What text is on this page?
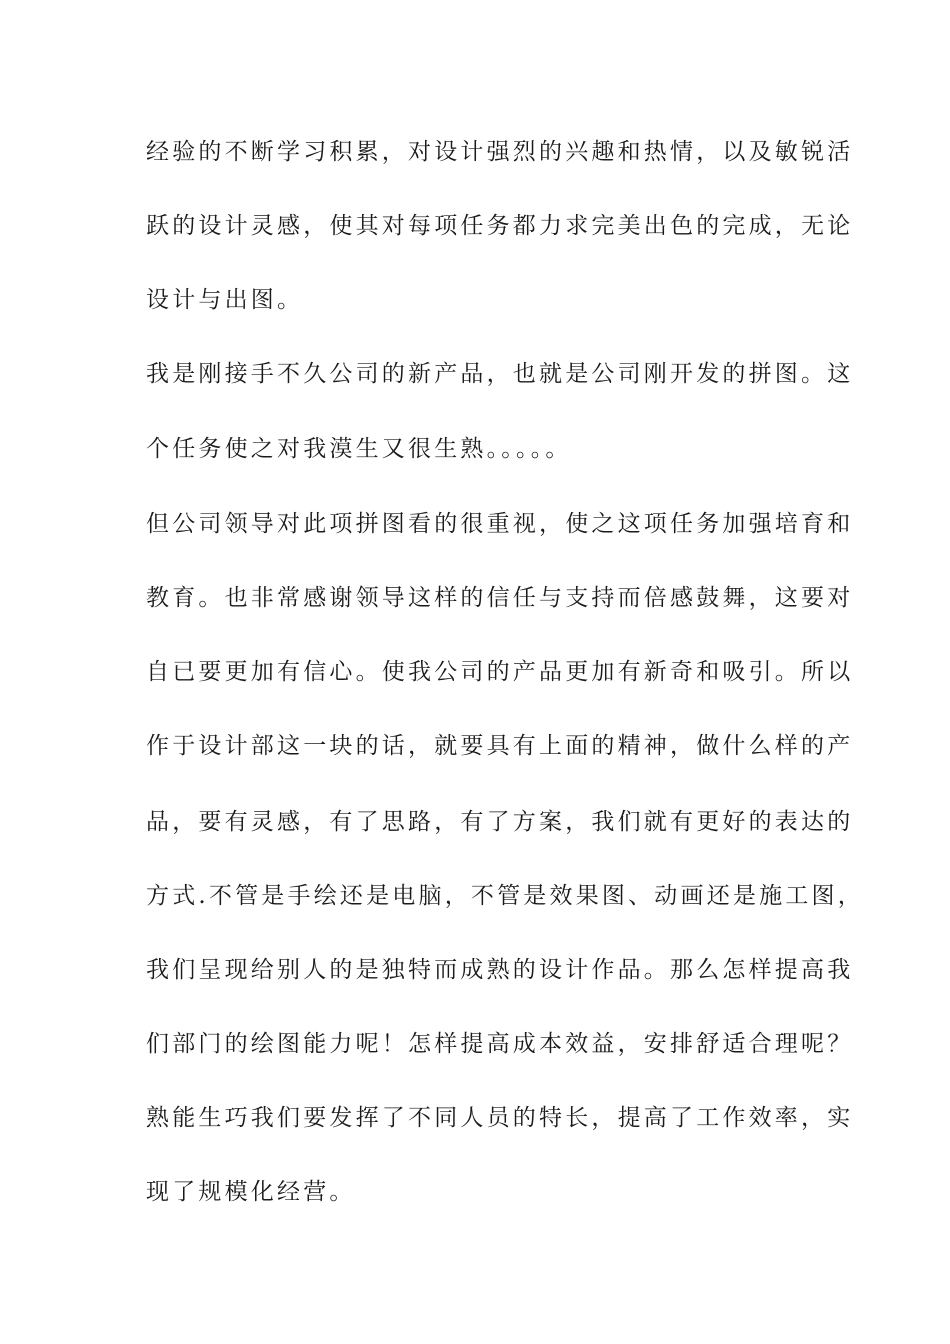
经验的不断学习积累，对设计强烈的兴趣和热情，以及敏锐活
跃的设计灵感，使其对每项任务都力求完美出色的完成，无论
设计与出图。
我是刚接手不久公司的新产品，也就是公司刚开发的拼图。这
个任务使之对我漠生又很生熟。。。。。
但公司领导对此项拼图看的很重视，使之这项任务加强培育和
教育。也非常感谢领导这样的信任与支持而倍感鼓舞，这要对
自已要更加有信心。使我公司的产品更加有新奇和吸引。所以
作于设计部这一块的话，就要具有上面的精神，做什么样的产
品，要有灵感，有了思路，有了方案，我们就有更好的表达的
方式.不管是手绘还是电脑，不管是效果图、动画还是施工图，
我们呈现给别人的是独特而成熟的设计作品。那么怎样提高我
们部门的绘图能力呢！怎样提高成本效益，安排舒适合理呢？
熟能生巧我们要发挥了不同人员的特长，提高了工作效率，实
现了规模化经营。
